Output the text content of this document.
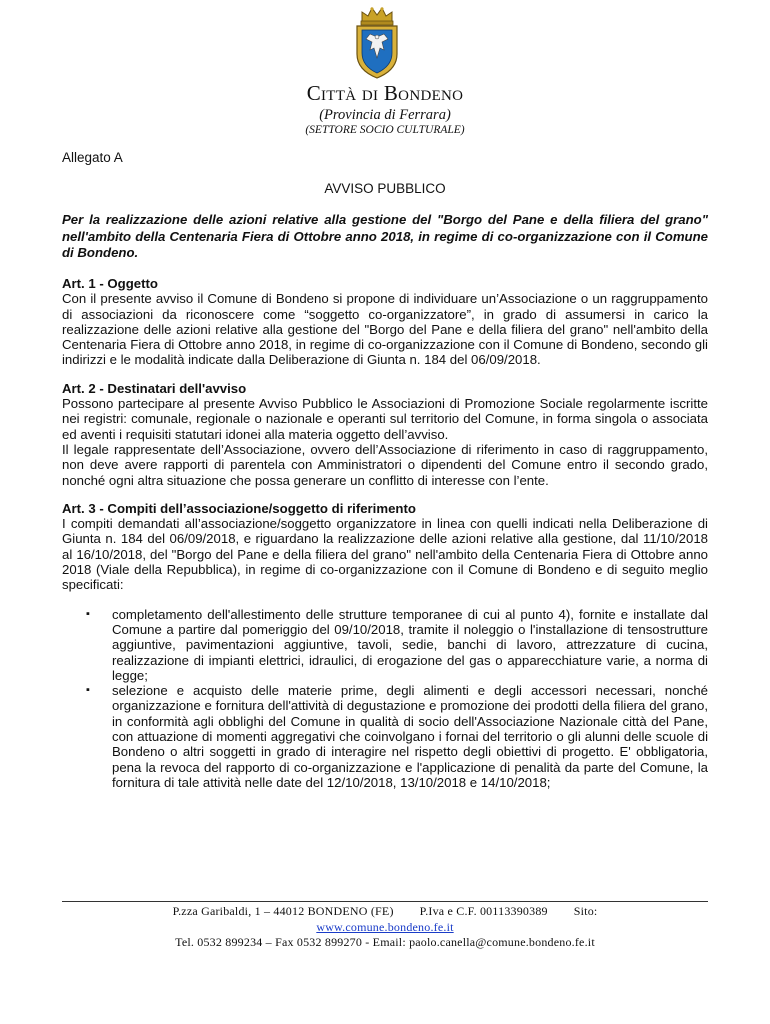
Città di Bondeno
(Provincia di Ferrara)
(SETTORE SOCIO CULTURALE)
Allegato A
AVVISO PUBBLICO
Per la realizzazione delle azioni relative alla gestione del "Borgo del Pane e della filiera del grano" nell'ambito della Centenaria Fiera di Ottobre anno 2018, in regime di co-organizzazione con il Comune di Bondeno.
Art. 1 - Oggetto

Con il presente avviso il Comune di Bondeno si propone di individuare un’Associazione o un raggruppamento di associazioni da riconoscere come “soggetto co-organizzatore”, in grado di assumersi in carico la realizzazione delle azioni relative alla gestione del "Borgo del Pane e della filiera del grano" nell'ambito della Centenaria Fiera di Ottobre anno 2018, in regime di co-organizzazione con il Comune di Bondeno, secondo gli indirizzi e le modalità indicate dalla Deliberazione di Giunta n. 184 del 06/09/2018.

Art. 2 - Destinatari dell'avviso

Possono partecipare al presente Avviso Pubblico le Associazioni di Promozione Sociale regolarmente iscritte nei registri: comunale, regionale o nazionale e operanti sul territorio del Comune, in forma singola o associata ed aventi i requisiti statutari idonei alla materia oggetto dell’avviso.

Il legale rappresentate dell’Associazione, ovvero dell’Associazione di riferimento in caso di raggruppamento, non deve avere rapporti di parentela con Amministratori o dipendenti del Comune entro il secondo grado, nonché ogni altra situazione che possa generare un conflitto di interesse con l’ente.

Art. 3 - Compiti dell’associazione/soggetto di riferimento

I compiti demandati all’associazione/soggetto organizzatore in linea con quelli indicati nella Deliberazione di Giunta n. 184 del 06/09/2018, e riguardano la realizzazione delle azioni relative alla gestione, dal 11/10/2018 al 16/10/2018, del "Borgo del Pane e della filiera del grano" nell'ambito della Centenaria Fiera di Ottobre anno 2018 (Viale della Repubblica), in regime di co-organizzazione con il Comune di Bondeno e di seguito meglio specificati:

▪ completamento dell'allestimento delle strutture temporanee di cui al punto 4), fornite e installate dal Comune a partire dal pomeriggio del 09/10/2018, tramite il noleggio o l'installazione di tensostrutture aggiuntive, pavimentazioni aggiuntive, tavoli, sedie, banchi di lavoro, attrezzature di cucina, realizzazione di impianti elettrici, idraulici, di erogazione del gas o apparecchiature varie, a norma di legge;
▪ selezione e acquisto delle materie prime, degli alimenti e degli accessori necessari, nonché organizzazione e fornitura dell'attività di degustazione e promozione dei prodotti della filiera del grano, in conformità agli obblighi del Comune in qualità di socio dell'Associazione Nazionale città del Pane, con attuazione di momenti aggregativi che coinvolgano i fornai del territorio o gli alunni delle scuole di Bondeno o altri soggetti in grado di interagire nel rispetto degli obiettivi di progetto. E' obbligatoria, pena la revoca del rapporto di co-organizzazione e l'applicazione di penalità da parte del Comune, la fornitura di tale attività nelle date del 12/10/2018, 13/10/2018 e 14/10/2018;
P.zza Garibaldi, 1 – 44012 BONDENO (FE) P.Iva e C.F. 00113390389 Sito:
www.comune.bondeno.fe.it
Tel. 0532 899234 – Fax 0532 899270 - Email: paolo.canella@comune.bondeno.fe.it
